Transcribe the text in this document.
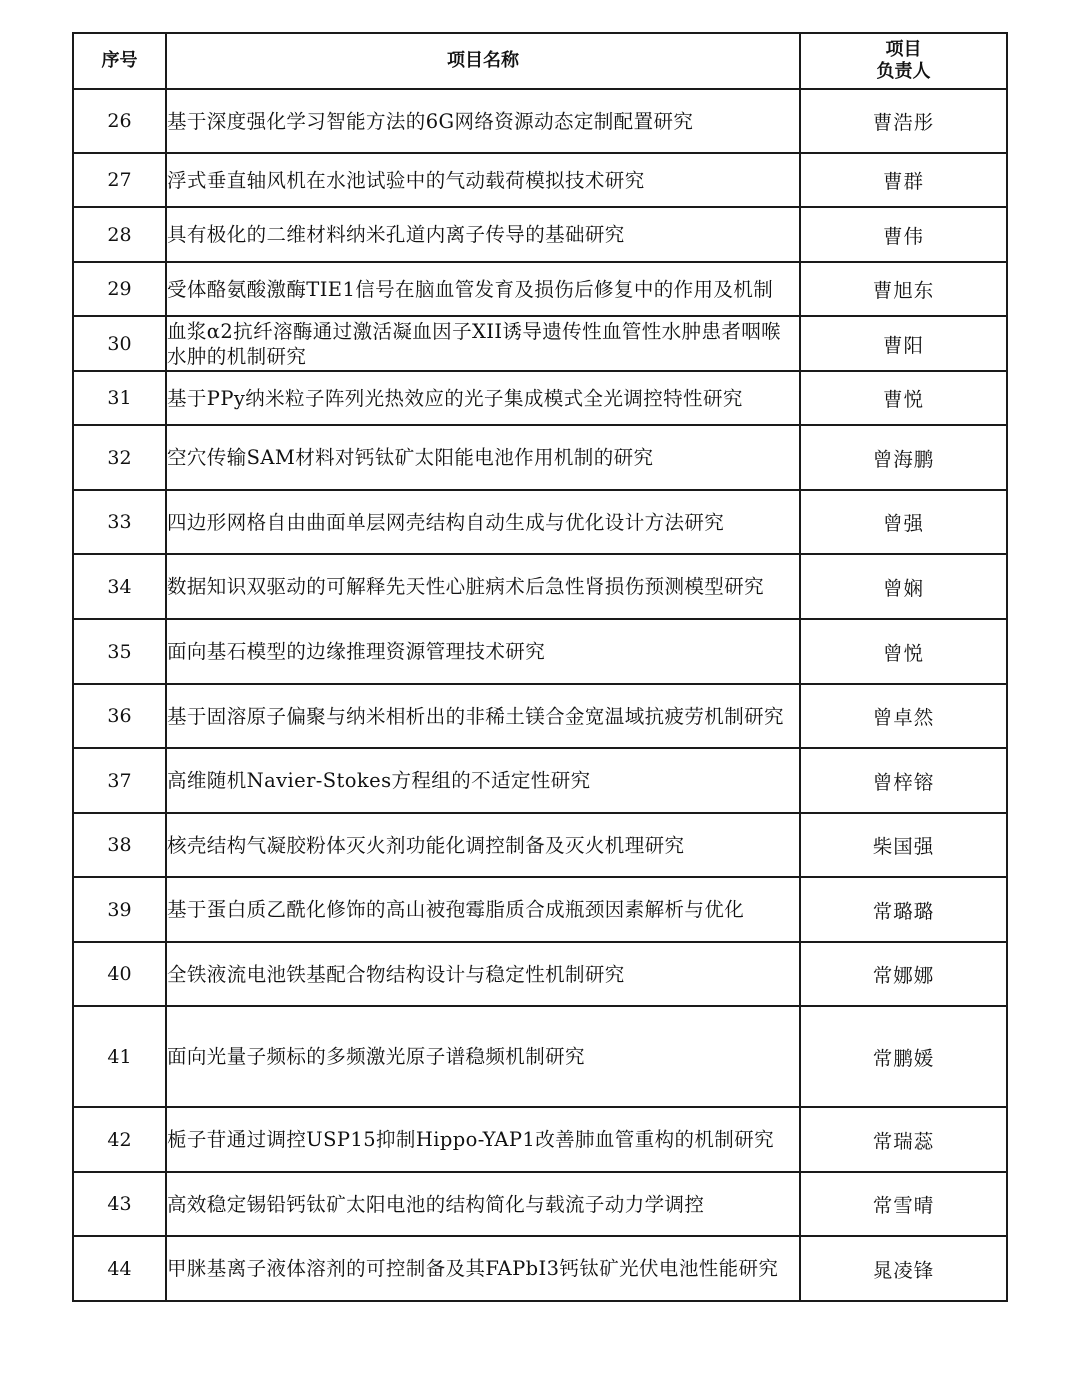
序号	项目名称	项目
负责人

26	基于深度强化学习智能方法的6G网络资源动态定制配置研究	曹浩彤
27	浮式垂直轴风机在水池试验中的气动载荷模拟技术研究	曹群
28	具有极化的二维材料纳米孔道内离子传导的基础研究	曹伟
29	受体酪氨酸激酶TIE1信号在脑血管发育及损伤后修复中的作用及机制	曹旭东
30	血浆α2抗纤溶酶通过激活凝血因子XII诱导遗传性血管性水肿患者咽喉水肿的机制研究	曹阳
31	基于PPy纳米粒子阵列光热效应的光子集成模式全光调控特性研究	曹悦
32	空穴传输SAM材料对钙钛矿太阳能电池作用机制的研究	曾海鹏
33	四边形网格自由曲面单层网壳结构自动生成与优化设计方法研究	曾强
34	数据知识双驱动的可解释先天性心脏病术后急性肾损伤预测模型研究	曾娴
35	面向基石模型的边缘推理资源管理技术研究	曾悦
36	基于固溶原子偏聚与纳米相析出的非稀土镁合金宽温域抗疲劳机制研究	曾卓然
37	高维随机Navier-Stokes方程组的不适定性研究	曾梓镕
38	核壳结构气凝胶粉体灭火剂功能化调控制备及灭火机理研究	柴国强
39	基于蛋白质乙酰化修饰的高山被孢霉脂质合成瓶颈因素解析与优化	常璐璐
40	全铁液流电池铁基配合物结构设计与稳定性机制研究	常娜娜
41	面向光量子频标的多频激光原子谱稳频机制研究	常鹏媛
42	栀子苷通过调控USP15抑制Hippo-YAP1改善肺血管重构的机制研究	常瑞蕊
43	高效稳定锡铅钙钛矿太阳电池的结构简化与载流子动力学调控	常雪晴
44	甲脒基离子液体溶剂的可控制备及其FAPbI3钙钛矿光伏电池性能研究	晁凌锋
